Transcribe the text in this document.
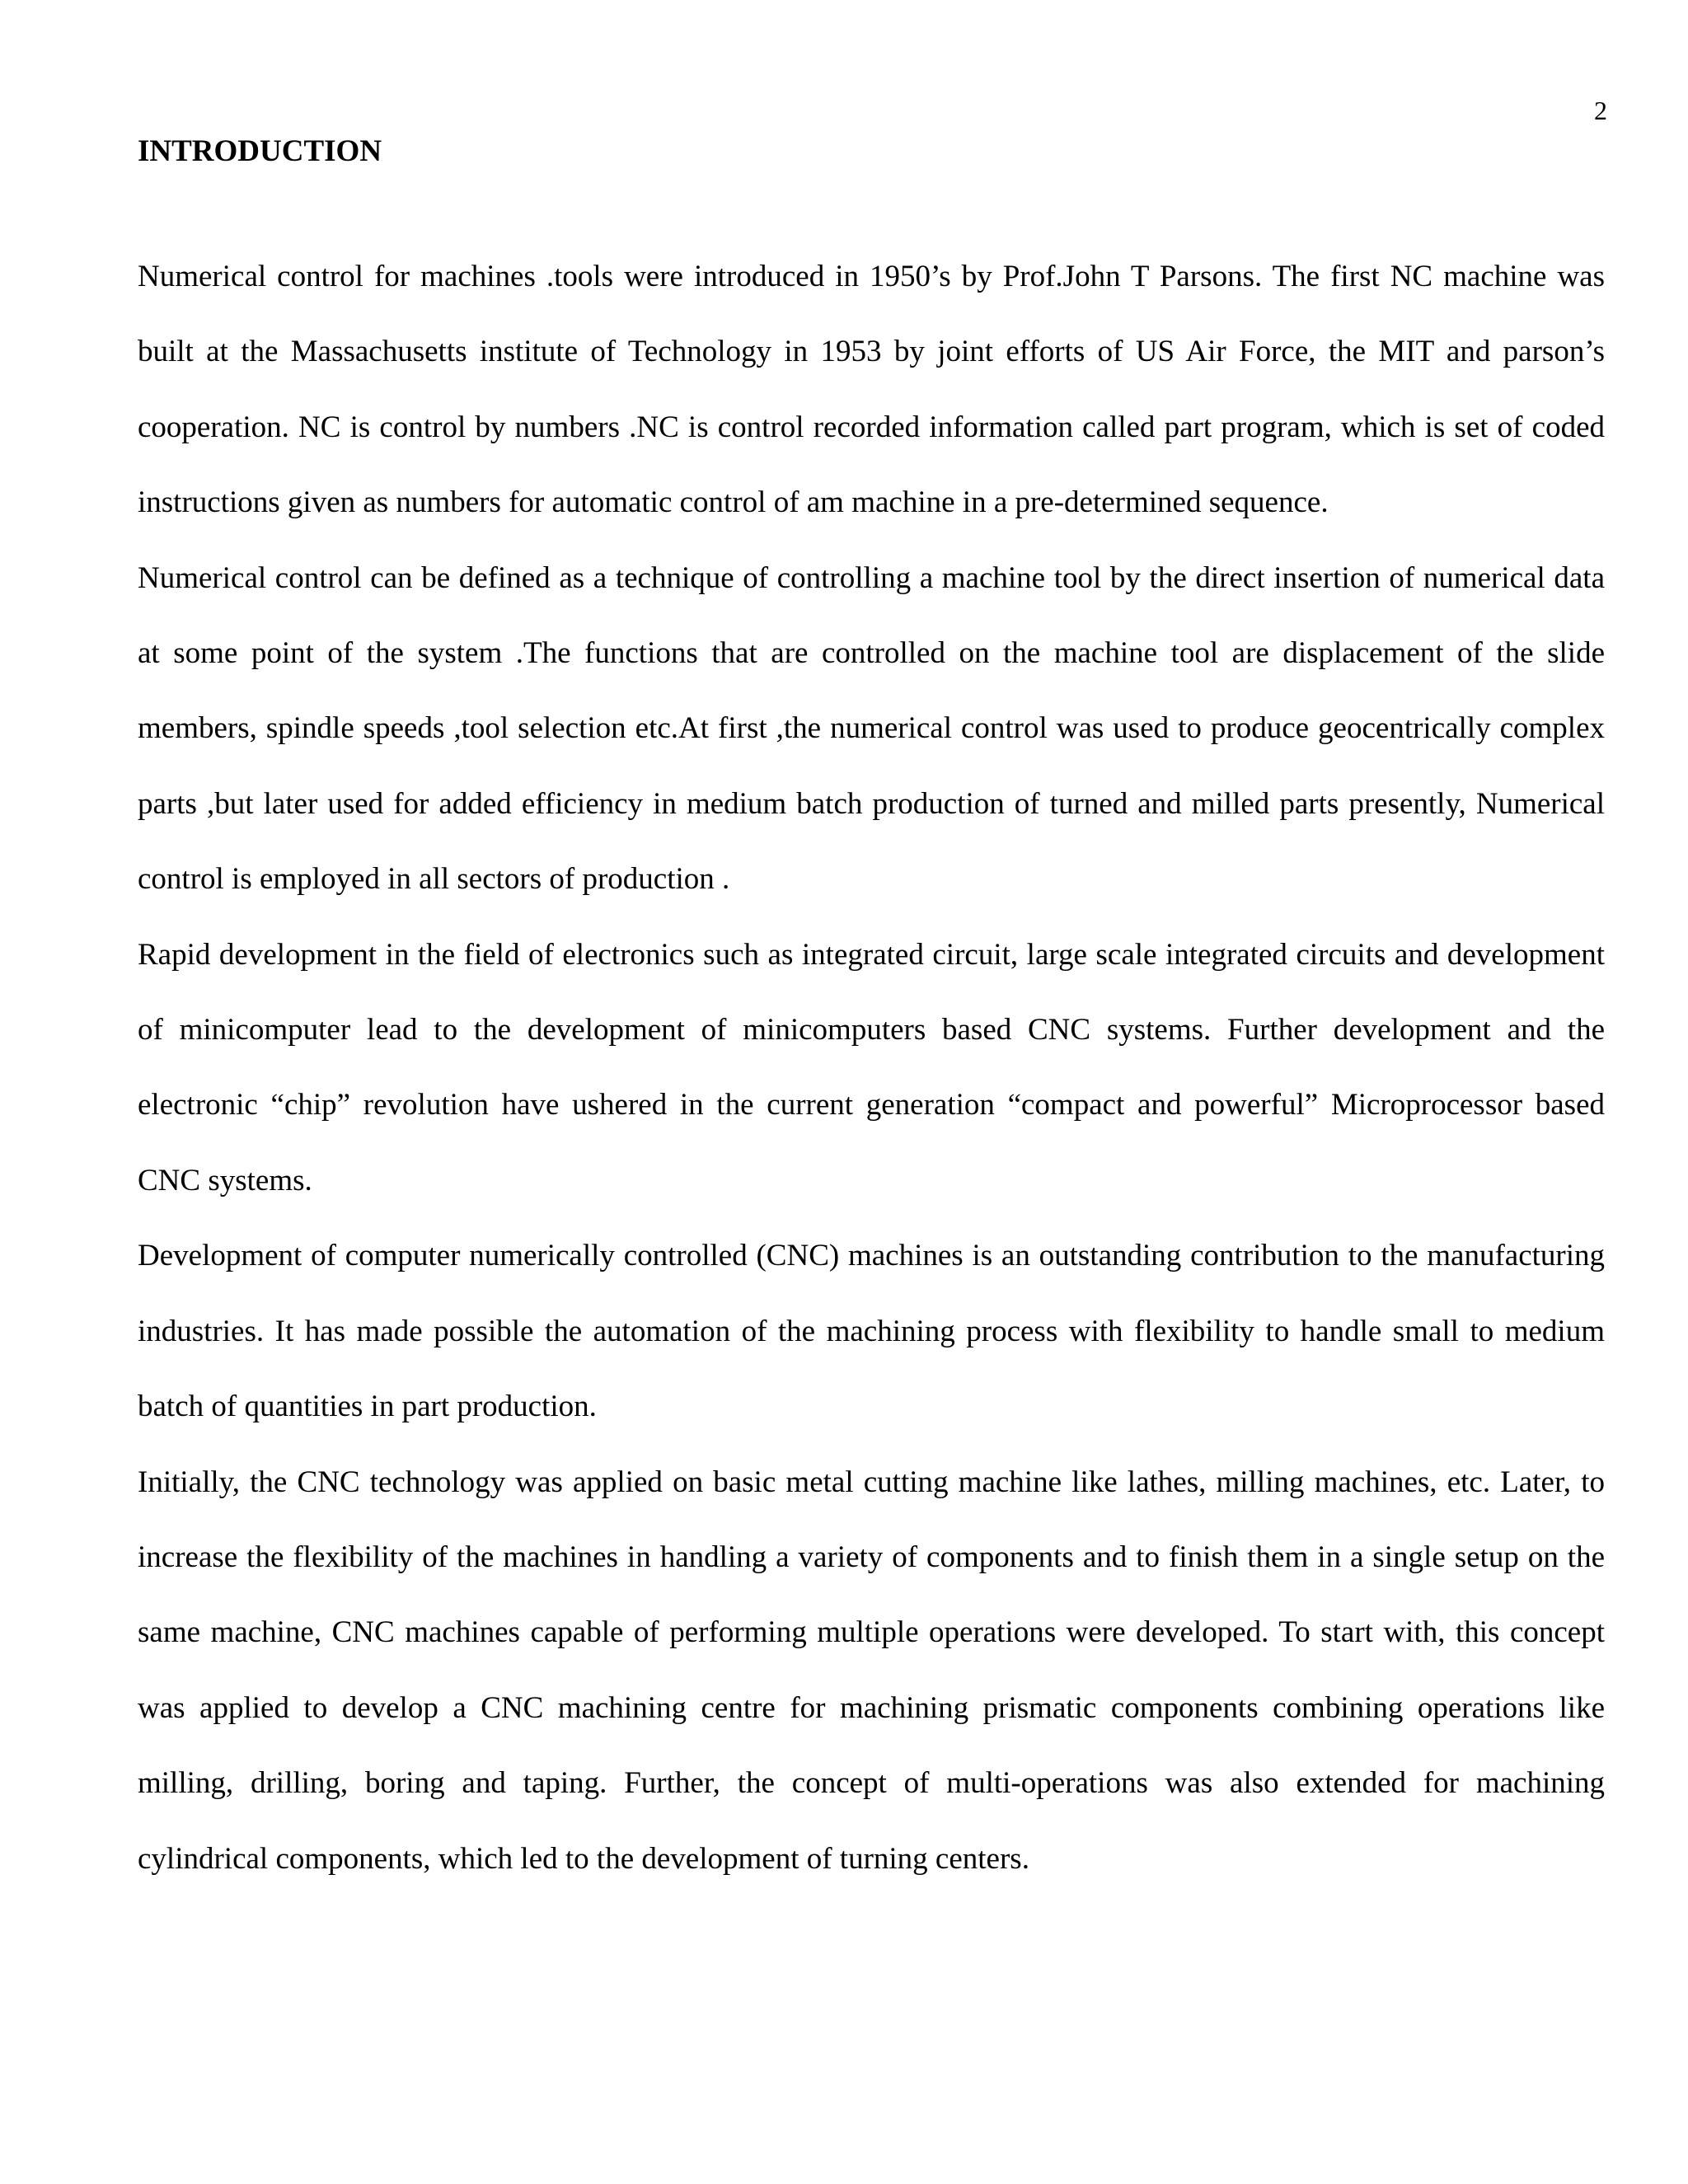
2
INTRODUCTION

Numerical control for machines .tools were introduced in 1950’s by Prof.John T Parsons. The first NC machine was built at the Massachusetts institute of Technology in 1953 by joint efforts of US Air Force, the MIT and parson’s cooperation. NC is control by numbers .NC is control recorded information called part program, which is set of coded instructions given as numbers for automatic control of am machine in a pre-determined sequence.

Numerical control can be defined as a technique of controlling a machine tool by the direct insertion of numerical data at some point of the system .The functions that are controlled on the machine tool are displacement of the slide members, spindle speeds ,tool selection etc.At first ,the numerical control was used to produce geocentrically complex parts ,but later used for added efficiency in medium batch production of turned and milled parts presently, Numerical control is employed in all sectors of production .

Rapid development in the field of electronics such as integrated circuit, large scale integrated circuits and development of minicomputer lead to the development of minicomputers based CNC systems. Further development and the electronic “chip” revolution have ushered in the current generation “compact and powerful” Microprocessor based CNC systems.

Development of computer numerically controlled (CNC) machines is an outstanding contribution to the manufacturing industries. It has made possible the automation of the machining process with flexibility to handle small to medium batch of quantities in part production.

Initially, the CNC technology was applied on basic metal cutting machine like lathes, milling machines, etc. Later, to increase the flexibility of the machines in handling a variety of components and to finish them in a single setup on the same machine, CNC machines capable of performing multiple operations were developed. To start with, this concept was applied to develop a CNC machining centre for machining prismatic components combining operations like milling, drilling, boring and taping. Further, the concept of multi-operations was also extended for machining cylindrical components, which led to the development of turning centers.
